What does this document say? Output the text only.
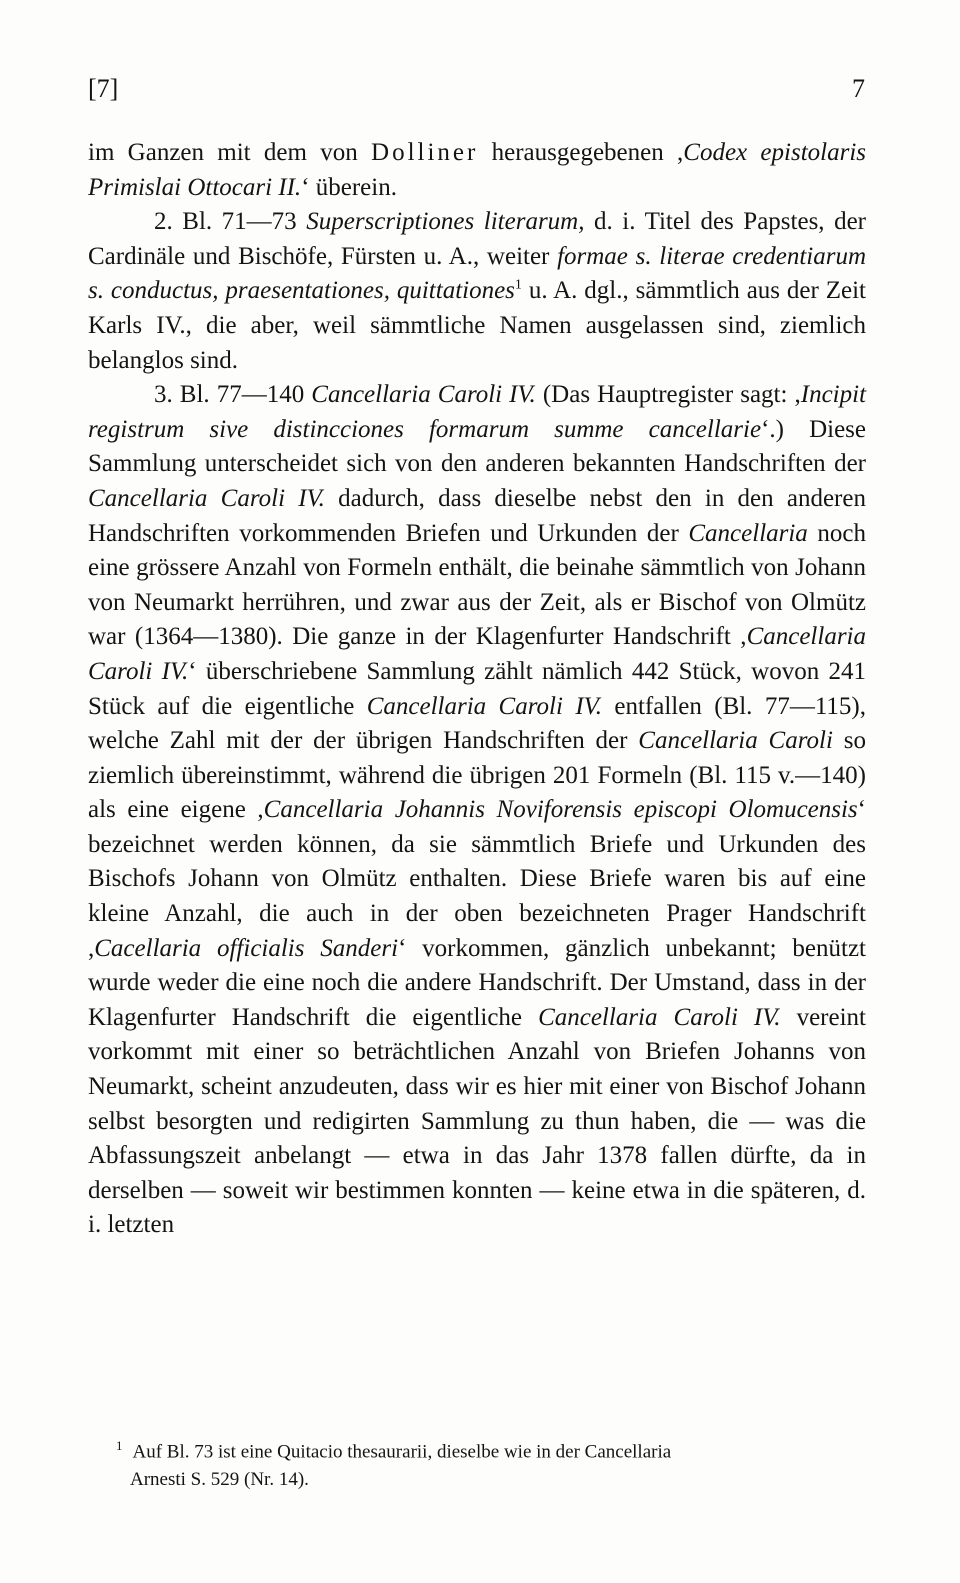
[7]	7

im Ganzen mit dem von Dolliner herausgegebenen ,Codex epistolaris Primislai Ottocari II.‘ überein.

2. Bl. 71—73 Superscriptiones literarum, d. i. Titel des Papstes, der Cardinäle und Bischöfe, Fürsten u. A., weiter formae s. literae credentiarum s. conductus, praesentationes, quittationes$^1$ u. A. dgl., sämmtlich aus der Zeit Karls IV., die aber, weil sämmtliche Namen ausgelassen sind, ziemlich belanglos sind.

3. Bl. 77—140 Cancellaria Caroli IV. (Das Hauptregister sagt: ,Incipit registrum sive distincciones formarum summe cancellarie‘.) Diese Sammlung unterscheidet sich von den anderen bekannten Handschriften der Cancellaria Caroli IV. dadurch, dass dieselbe nebst den in den anderen Handschriften vorkommenden Briefen und Urkunden der Cancellaria noch eine grössere Anzahl von Formeln enthält, die beinahe sämmtlich von Johann von Neumarkt herrühren, und zwar aus der Zeit, als er Bischof von Olmütz war (1364—1380). Die ganze in der Klagenfurter Handschrift ,Cancellaria Caroli IV.‘ überschriebene Sammlung zählt nämlich 442 Stück, wovon 241 Stück auf die eigentliche Cancellaria Caroli IV. entfallen (Bl. 77—115), welche Zahl mit der der übrigen Handschriften der Cancellaria Caroli so ziemlich übereinstimmt, während die übrigen 201 Formeln (Bl. 115 v.—140) als eine eigene ,Cancellaria Johannis Noviforensis episcopi Olomucensis‘ bezeichnet werden können, da sie sämmtlich Briefe und Urkunden des Bischofs Johann von Olmütz enthalten. Diese Briefe waren bis auf eine kleine Anzahl, die auch in der oben bezeichneten Prager Handschrift ,Cacellaria officialis Sanderi‘ vorkommen, gänzlich unbekannt; benützt wurde weder die eine noch die andere Handschrift. Der Umstand, dass in der Klagenfurter Handschrift die eigentliche Cancellaria Caroli IV. vereint vorkommt mit einer so beträchtlichen Anzahl von Briefen Johanns von Neumarkt, scheint anzudeuten, dass wir es hier mit einer von Bischof Johann selbst besorgten und redigirten Sammlung zu thun haben, die — was die Abfassungszeit anbelangt — etwa in das Jahr 1378 fallen dürfte, da in derselben — soweit wir bestimmen konnten — keine etwa in die späteren, d. i. letzten

$^1$ Auf Bl. 73 ist eine Quitacio thesaurarii, dieselbe wie in der Cancellaria
Arnesti S. 529 (Nr. 14).
